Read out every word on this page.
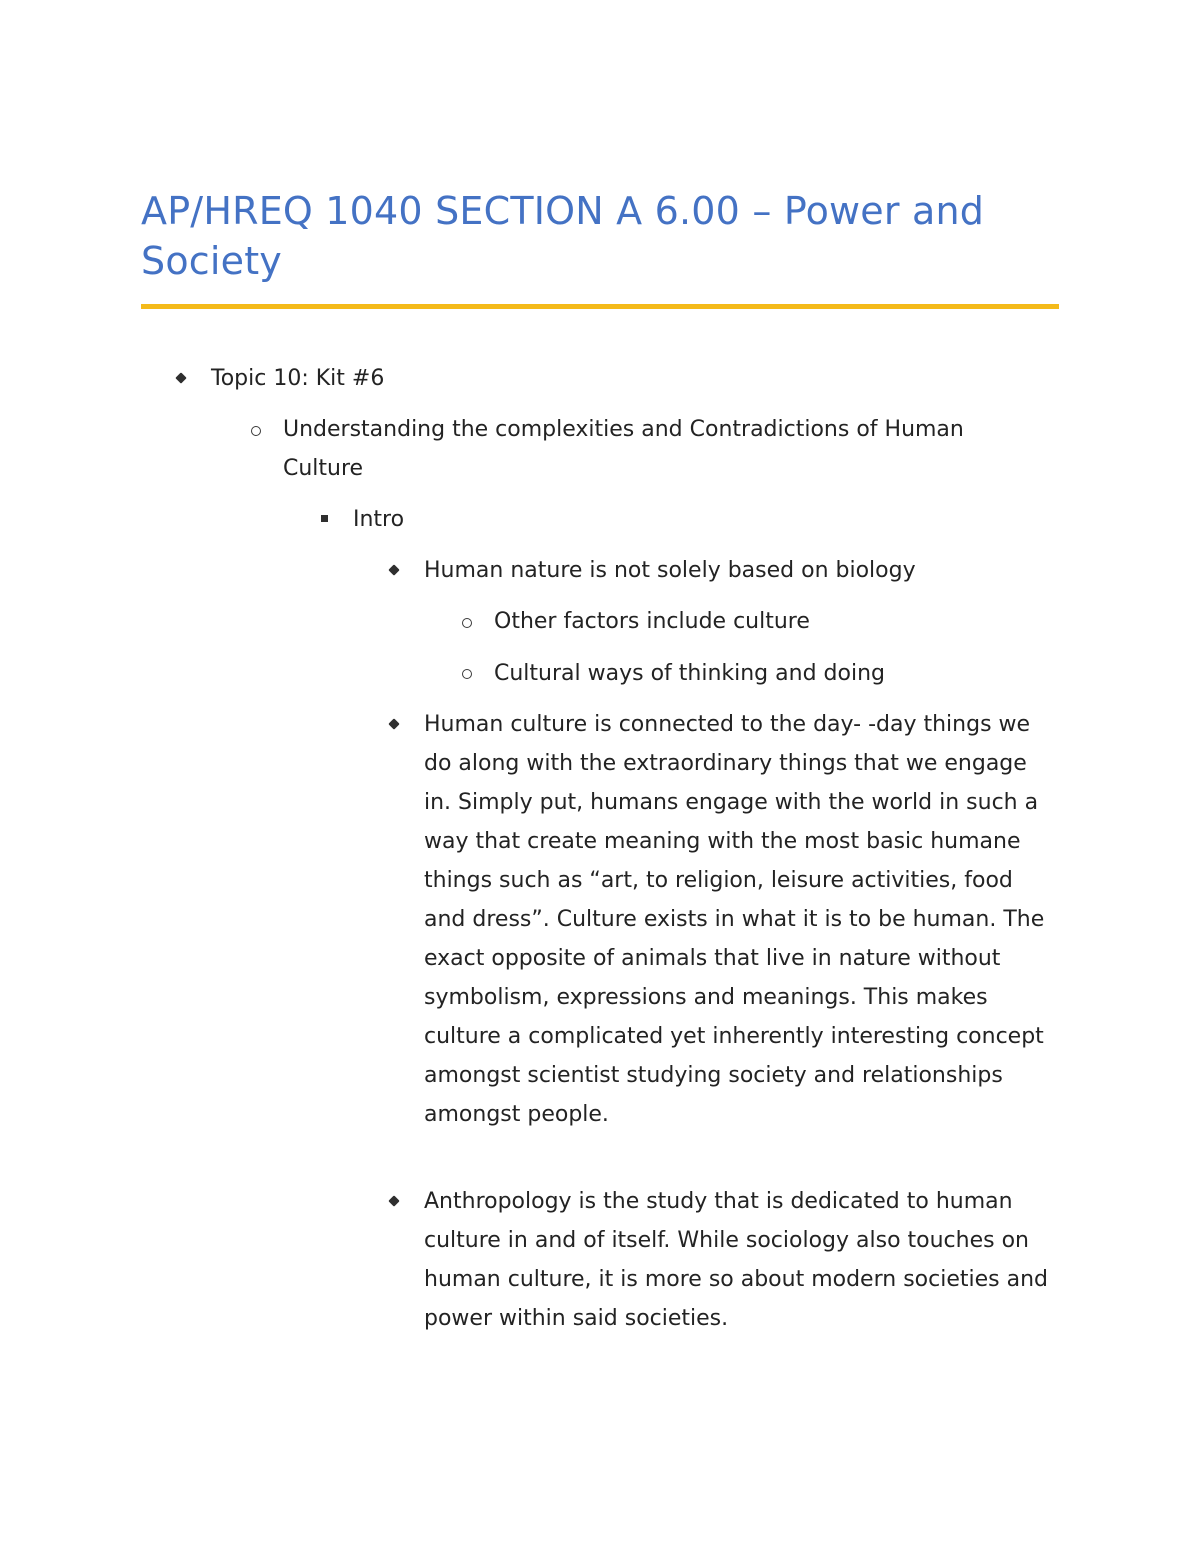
AP/HREQ 1040 SECTION A 6.00 – Power and Society

Topic 10: Kit #6

Understanding the complexities and Contradictions of Human Culture

Intro

Human nature is not solely based on biology

Other factors include culture

Cultural ways of thinking and doing

Human culture is connected to the day- -day things we do along with the extraordinary things that we engage in. Simply put, humans engage with the world in such a way that create meaning with the most basic humane things such as “art, to religion, leisure activities, food and dress”. Culture exists in what it is to be human. The exact opposite of animals that live in nature without symbolism, expressions and meanings. This makes culture a complicated yet inherently interesting concept amongst scientist studying society and relationships amongst people.

Anthropology is the study that is dedicated to human culture in and of itself. While sociology also touches on human culture, it is more so about modern societies and power within said societies.
